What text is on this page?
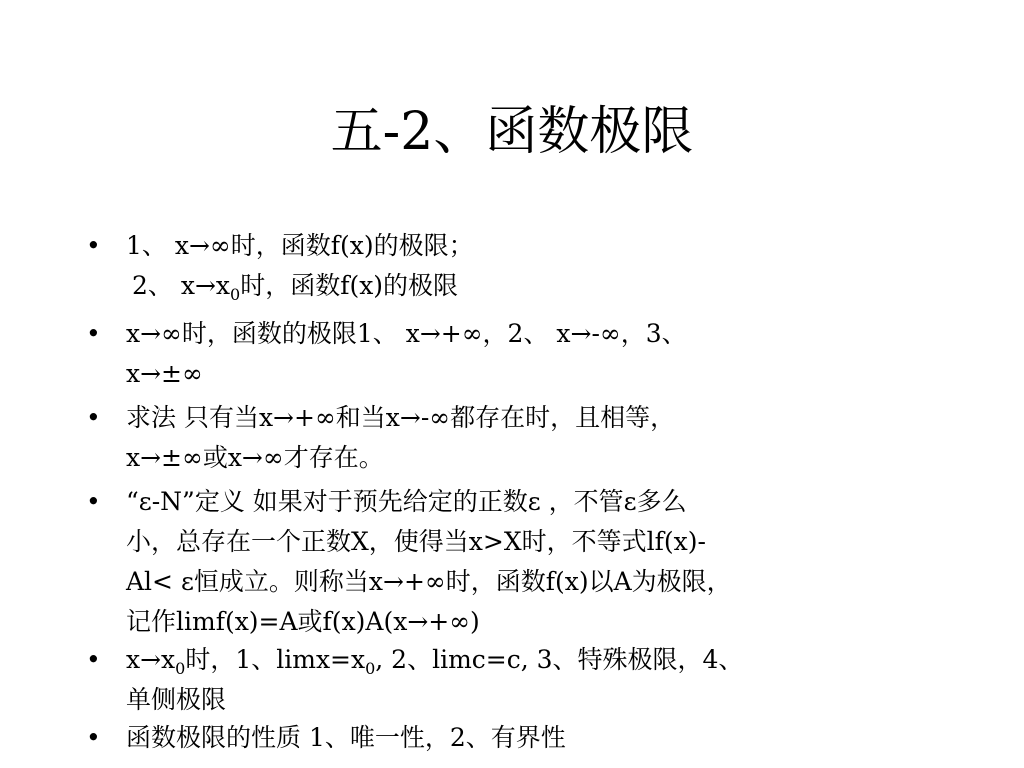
五-2、函数极限
• 1、 x→∞时，函数f(x)的极限；
2、 $x\to x_0$时，函数f(x)的极限
• x→∞时，函数的极限1、 x→+∞，2、 x→-∞，3、
x→±∞
• 求法 只有当x→+∞和当x→-∞都存在时，且相等，
x→±∞或x→∞才存在。
• “ε-N”定义 如果对于预先给定的正数ε ，不管ε多么
小，总存在一个正数X，使得当x>X时，不等式lf(x)-
Al< ε恒成立。则称当x→+∞时，函数f(x)以A为极限，
记作limf(x)=A或f(x)A(x→+∞)
• $x\to x_0$时，1、$\lim x=x_0$, 2、limc=c, 3、特殊极限，4、
单侧极限
• 函数极限的性质 1、唯一性，2、有界性
